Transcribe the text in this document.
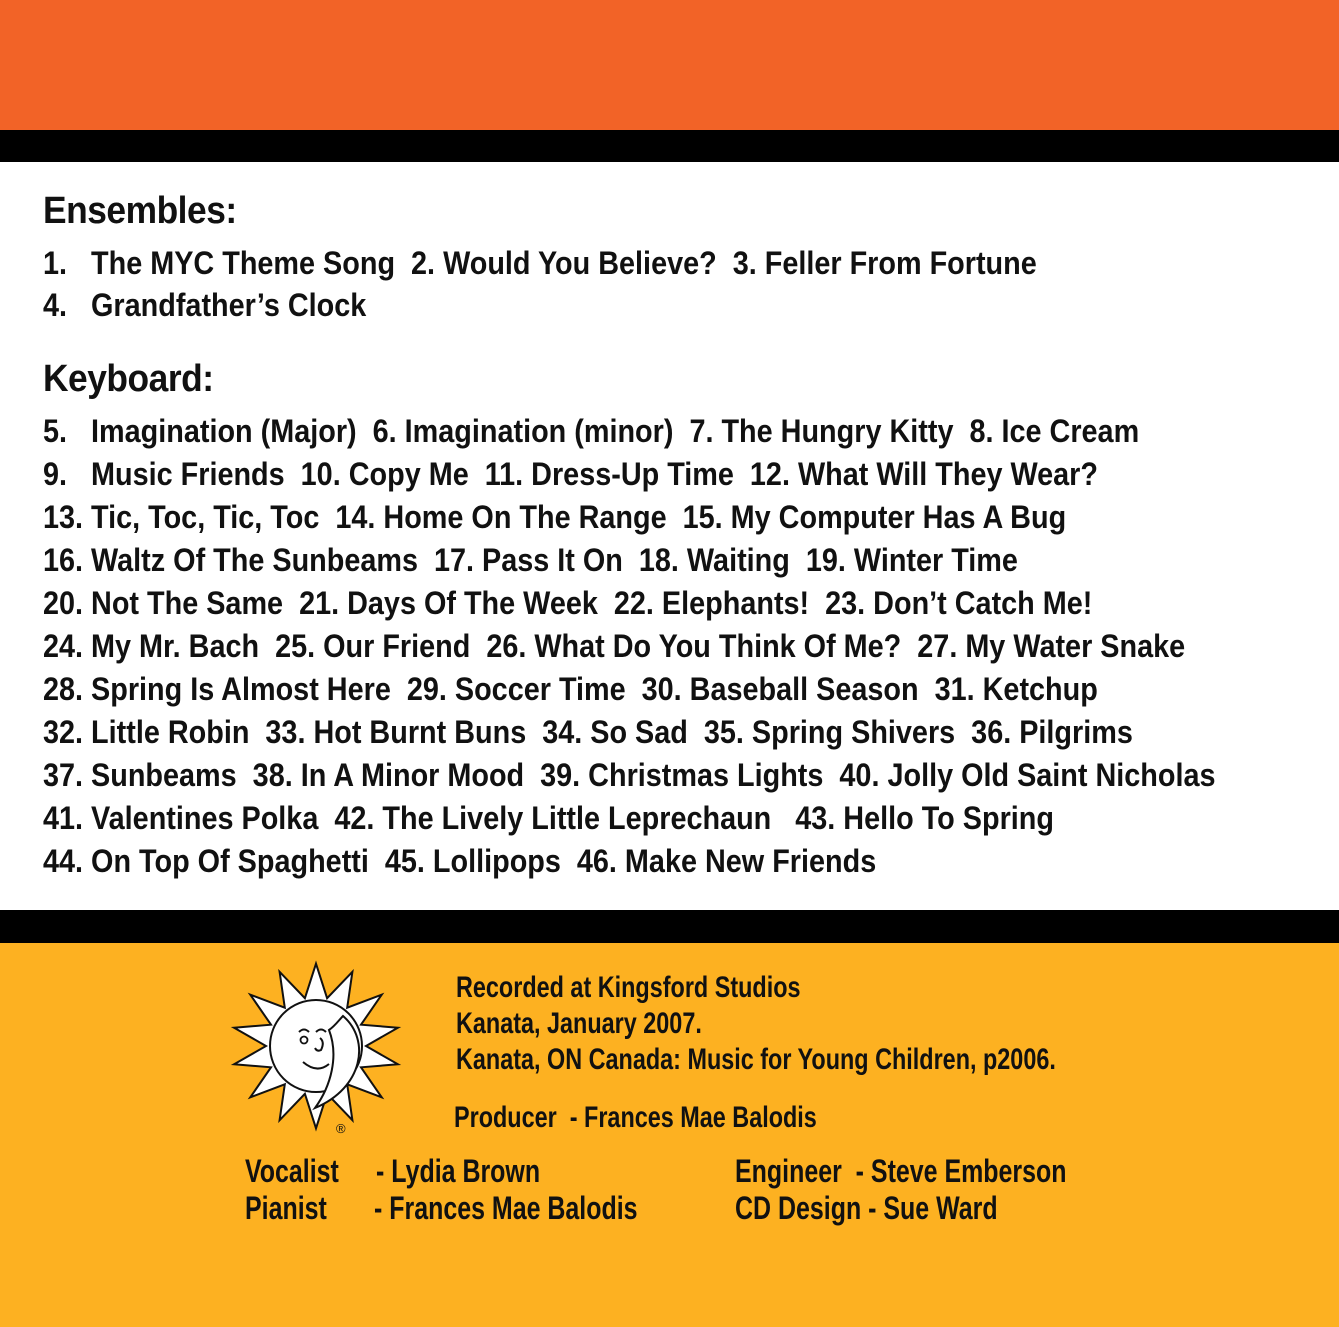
Ensembles:
1.   The MYC Theme Song  2. Would You Believe?  3. Feller From Fortune
4.   Grandfather’s Clock
Keyboard:
5.   Imagination (Major)  6. Imagination (minor)  7. The Hungry Kitty  8. Ice Cream
9.   Music Friends  10. Copy Me  11. Dress-Up Time  12. What Will They Wear?
13. Tic, Toc, Tic, Toc  14. Home On The Range  15. My Computer Has A Bug
16. Waltz Of The Sunbeams  17. Pass It On  18. Waiting  19. Winter Time
20. Not The Same  21. Days Of The Week  22. Elephants!  23. Don’t Catch Me!
24. My Mr. Bach  25. Our Friend  26. What Do You Think Of Me?  27. My Water Snake
28. Spring Is Almost Here  29. Soccer Time  30. Baseball Season  31. Ketchup
32. Little Robin  33. Hot Burnt Buns  34. So Sad  35. Spring Shivers  36. Pilgrims
37. Sunbeams  38. In A Minor Mood  39. Christmas Lights  40. Jolly Old Saint Nicholas
41. Valentines Polka  42. The Lively Little Leprechaun   43. Hello To Spring
44. On Top Of Spaghetti  45. Lollipops  46. Make New Friends
®
Recorded at Kingsford Studios
Kanata, January 2007.
Kanata, ON Canada: Music for Young Children, p2006.
Producer  - Frances Mae Balodis
Vocalist - Lydia Brown
Pianist - Frances Mae Balodis
Engineer  - Steve Emberson
CD Design - Sue Ward
